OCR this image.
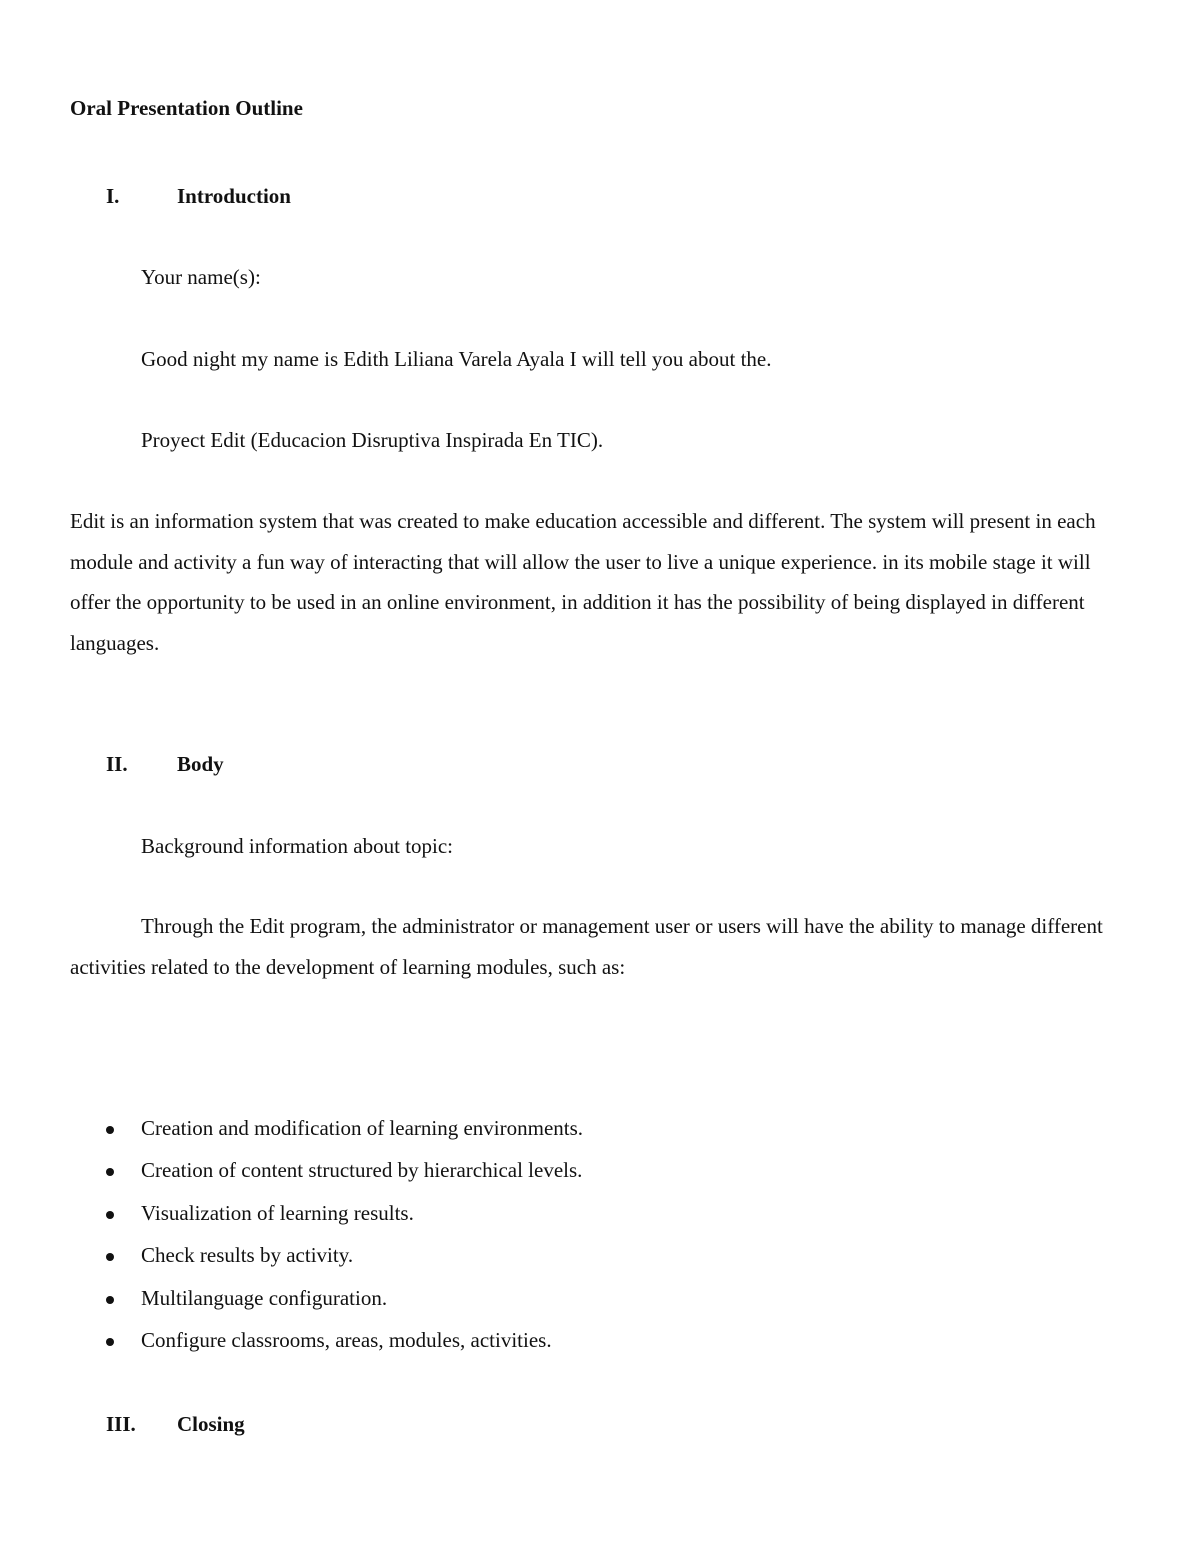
Oral Presentation Outline
I.	Introduction
Your name(s):
Good night my name is Edith Liliana Varela Ayala I will tell you about the.
Proyect Edit (Educacion Disruptiva Inspirada En TIC).

Edit is an information system that was created to make education accessible and different. The system will present in each module and activity a fun way of interacting that will allow the user to live a unique experience. in its mobile stage it will offer the opportunity to be used in an online environment, in addition it has the possibility of being displayed in different languages.

II. Body
Background information about topic:

Through the Edit program, the administrator or management user or users will have the ability to manage different activities related to the development of learning modules, such as:

Creation and modification of learning environments.
Creation of content structured by hierarchical levels.
Visualization of learning results.
Check results by activity.
Multilanguage configuration.
Configure classrooms, areas, modules, activities.
III. Closing
